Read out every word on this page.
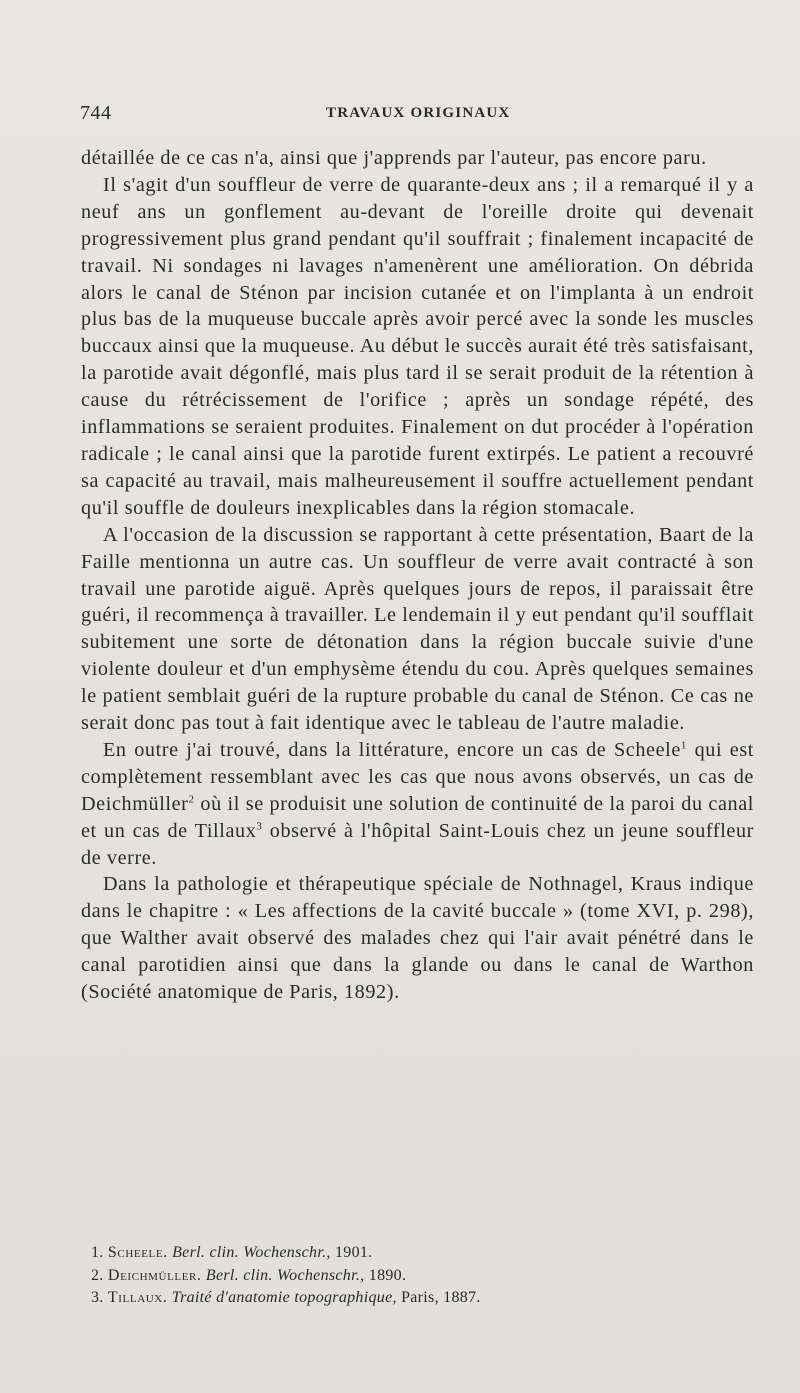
744	TRAVAUX ORIGINAUX

détaillée de ce cas n'a, ainsi que j'apprends par l'auteur, pas encore paru.

Il s'agit d'un souffleur de verre de quarante-deux ans ; il a remarqué il y a neuf ans un gonflement au-devant de l'oreille droite qui devenait progressivement plus grand pendant qu'il souffrait ; finalement incapacité de travail. Ni sondages ni lavages n'amenèrent une amélioration. On débrida alors le canal de Sténon par incision cutanée et on l'implanta à un endroit plus bas de la muqueuse buccale après avoir percé avec la sonde les muscles buccaux ainsi que la muqueuse. Au début le succès aurait été très satisfaisant, la parotide avait dégonflé, mais plus tard il se serait produit de la rétention à cause du rétrécissement de l'orifice ; après un sondage répété, des inflammations se seraient produites. Finalement on dut procéder à l'opération radicale ; le canal ainsi que la parotide furent extirpés. Le patient a recouvré sa capacité au travail, mais malheureusement il souffre actuellement pendant qu'il souffle de douleurs inexplicables dans la région stomacale.

A l'occasion de la discussion se rapportant à cette présentation, Baart de la Faille mentionna un autre cas. Un souffleur de verre avait contracté à son travail une parotide aiguë. Après quelques jours de repos, il paraissait être guéri, il recommença à travailler. Le lendemain il y eut pendant qu'il soufflait subitement une sorte de détonation dans la région buccale suivie d'une violente douleur et d'un emphysème étendu du cou. Après quelques semaines le patient semblait guéri de la rupture probable du canal de Sténon. Ce cas ne serait donc pas tout à fait identique avec le tableau de l'autre maladie.

En outre j'ai trouvé, dans la littérature, encore un cas de Scheele$^1$ qui est complètement ressemblant avec les cas que nous avons observés, un cas de Deichmüller$^2$ où il se produisit une solution de continuité de la paroi du canal et un cas de Tillaux$^3$ observé à l'hôpital Saint-Louis chez un jeune souffleur de verre.

Dans la pathologie et thérapeutique spéciale de Nothnagel, Kraus indique dans le chapitre : « Les affections de la cavité buccale » (tome XVI, p. 298), que Walther avait observé des malades chez qui l'air avait pénétré dans le canal parotidien ainsi que dans la glande ou dans le canal de Warthon (Société anatomique de Paris, 1892).

1. Scheele. Berl. clin. Wochenschr., 1901.

2. Deichmüller. Berl. clin. Wochenschr., 1890.

3. Tillaux. Traité d'anatomie topographique, Paris, 1887.
